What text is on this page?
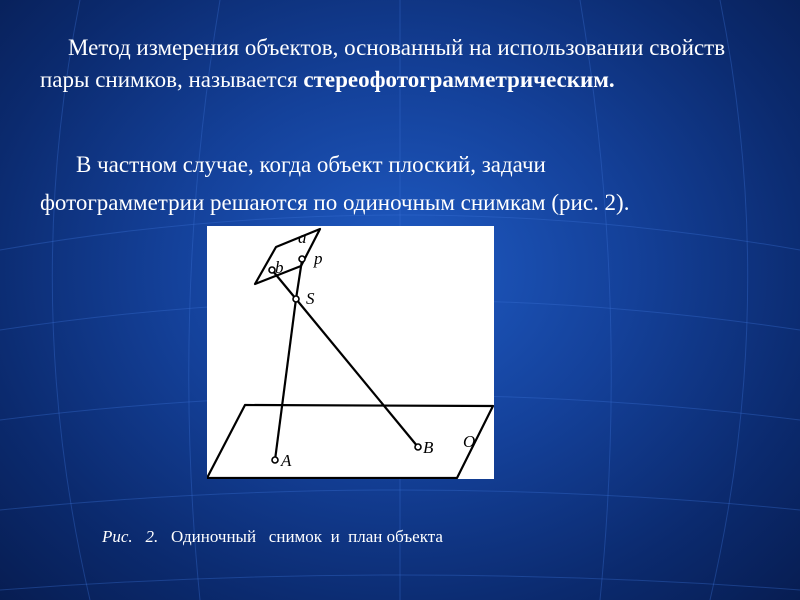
Метод измерения объектов, основанный на использовании свойств пары снимков, называется стереофотограмметрическим.
В частном случае, когда объект плоский, задачи
фотограмметрии решаются по одиночным снимкам (рис. 2).
a
b p
S
A
B O
Рис. 2. Одиночный   снимок  и  план объекта
